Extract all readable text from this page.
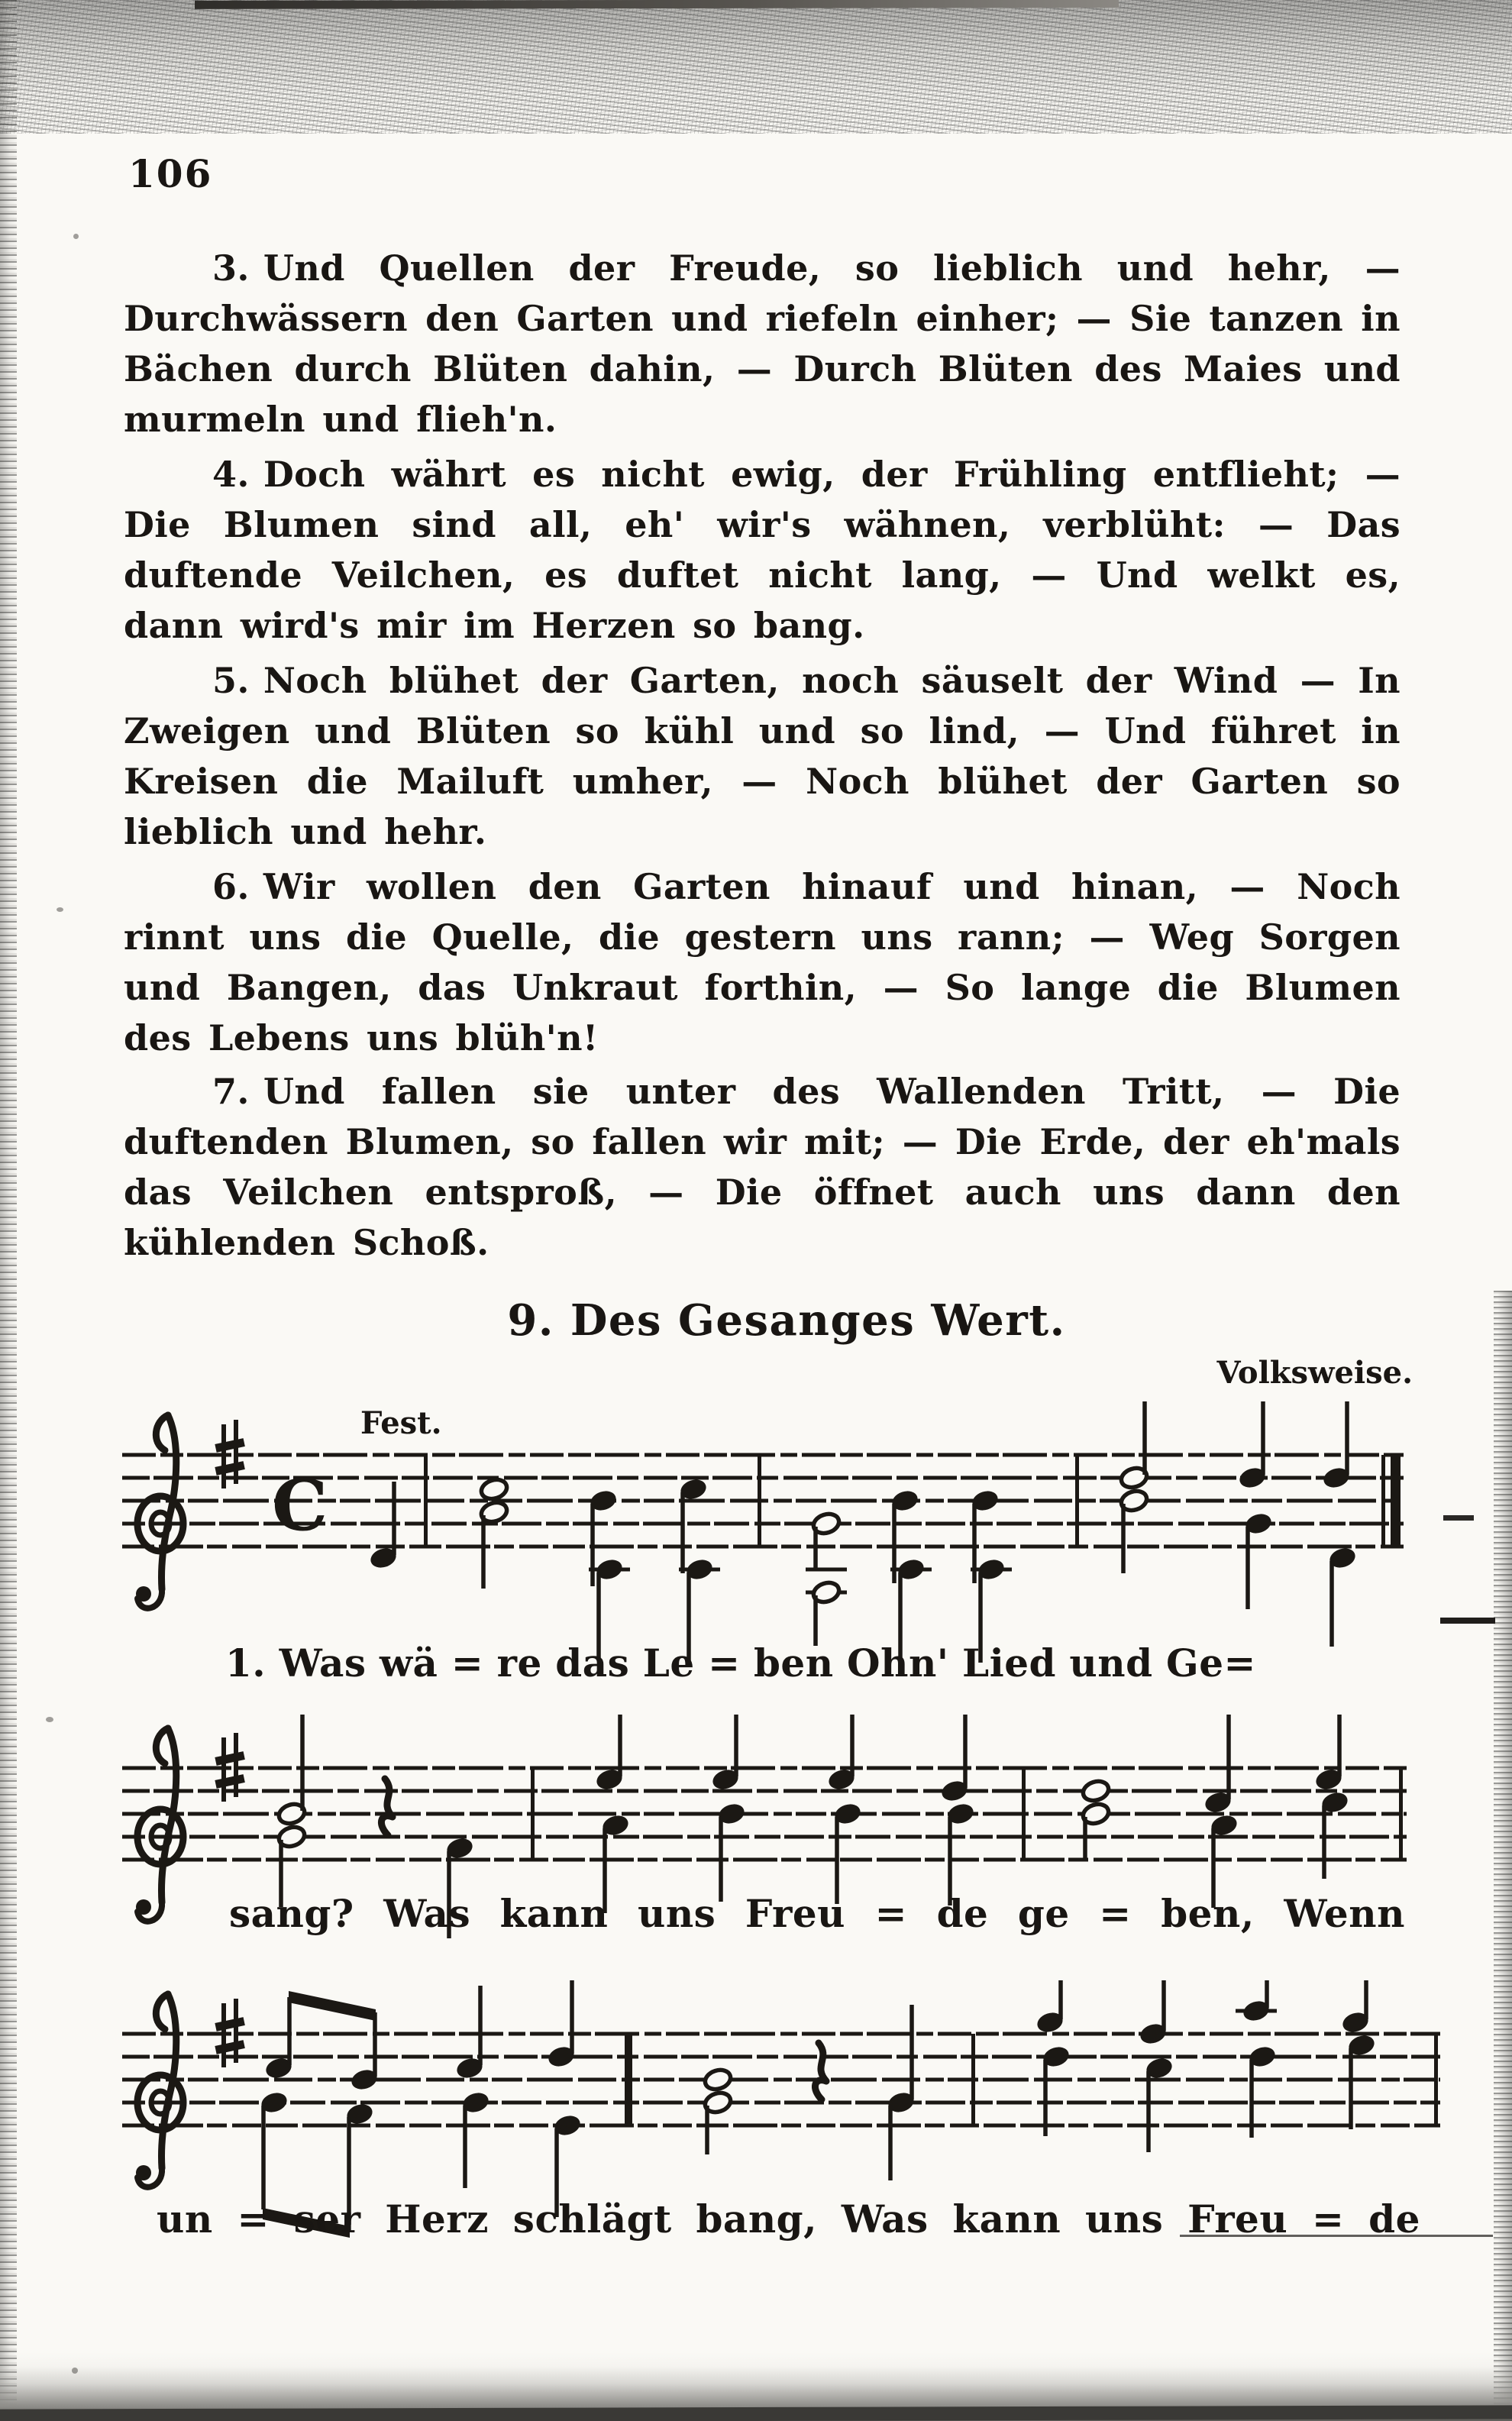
106

3. Und Quellen der Freude, so lieblich und hehr, — Durchwässern den Garten und riefeln einher; — Sie tanzen in Bächen durch Blüten dahin, — Durch Blüten des Maies und murmeln und flieh'n.

4. Doch währt es nicht ewig, der Frühling entflieht; — Die Blumen sind all, eh' wir's wähnen, verblüht: — Das duftende Veilchen, es duftet nicht lang, — Und welkt es, dann wird's mir im Herzen so bang.

5. Noch blühet der Garten, noch säuselt der Wind — In Zweigen und Blüten so kühl und so lind, — Und führet in Kreisen die Mailuft umher, — Noch blühet der Garten so lieblich und hehr.

6. Wir wollen den Garten hinauf und hinan, — Noch rinnt uns die Quelle, die gestern uns rann; — Weg Sorgen und Bangen, das Unkraut forthin, — So lange die Blumen des Lebens uns blüh'n!

7. Und fallen sie unter des Wallenden Tritt, — Die duftenden Blumen, so fallen wir mit; — Die Erde, der eh'mals das Veilchen entsproß, — Die öffnet auch uns dann den kühlenden Schoß.

9. Des Gesanges Wert.
Volksweise.
Fest.
C
1. Was wä = re das Le = ben Ohn' Lied und Ge=
sang? Was kann uns Freu = de ge = ben, Wenn
un = ser Herz schlägt bang, Was kann uns Freu = de
